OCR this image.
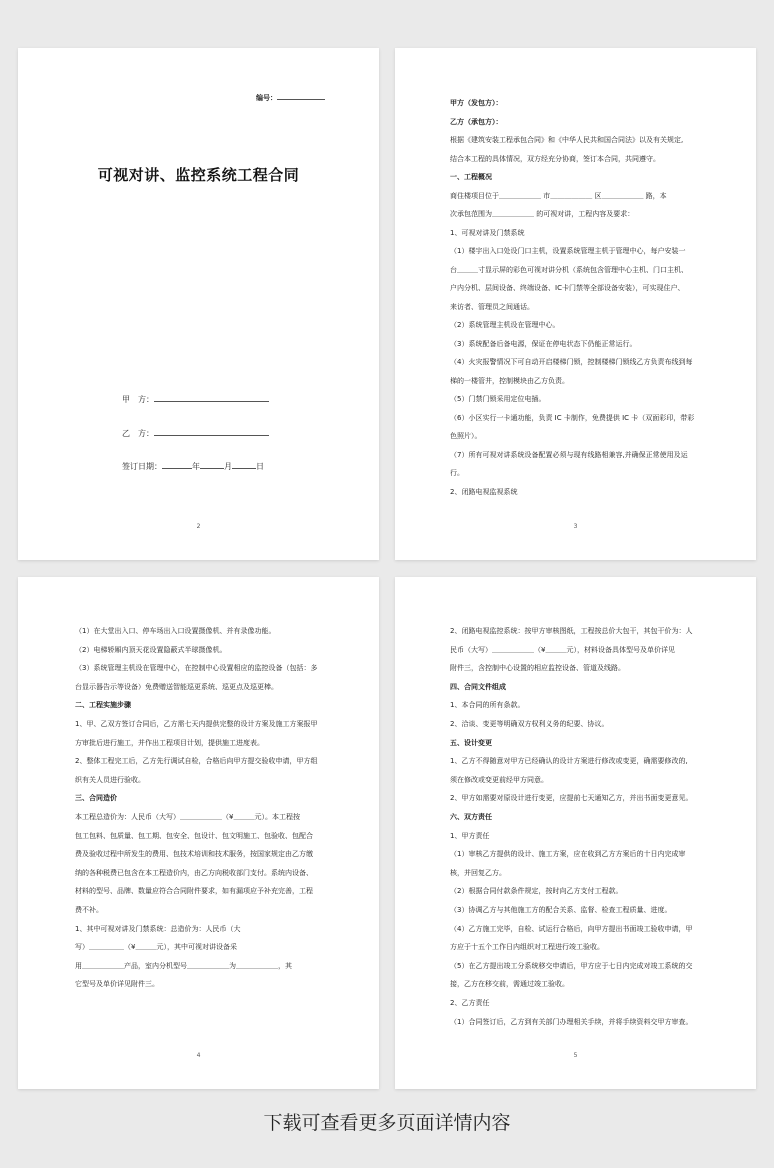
编号：
可视对讲、监控系统工程合同
甲　方：
乙　方：
签订日期：	年	月	日
2
甲方（发包方）：
乙方（承包方）：
根据《建筑安装工程承包合同》和《中华人民共和国合同法》以及有关规定,
结合本工程的具体情况，双方经充分协商，签订本合同，共同遵守。
一、工程概况
商住楼项目位于＿＿＿＿＿＿ 市＿＿＿＿＿＿ 区＿＿＿＿＿＿ 路，本
次承包范围为＿＿＿＿＿＿ 的可视对讲，工程内容及要求：
1、可视对讲及门禁系统
（1）楼宇出入口处设门口主机，设置系统管理主机于管理中心，每户安装一
台＿＿＿寸显示屏的彩色可视对讲分机（系统包含管理中心主机、门口主机、
户内分机、层间设备、终端设备、IC卡门禁等全部设备安装），可实现住户、
来访者、管理员之间通话。
（2）系统管理主机设在管理中心。
（3）系统配备后备电源，保证在停电状态下仍能正常运行。
（4）火灾报警情况下可自动开启楼梯门锁，控制楼梯门锁线乙方负责布线到每
梯的一楼管井，控制模块由乙方负责。
（5）门禁门锁采用定位电插。
（6）小区实行一卡通功能，负责 IC 卡制作，免费提供 IC 卡（双面彩印，带彩
色照片）。
（7）所有可视对讲系统设备配置必须与现有线路相兼容,并确保正常使用及运
行。
2、闭路电视监视系统
3
（1）在大堂出入口、停车场出入口设置摄像机、并有录像功能。
（2）电梯轿厢内顶天花设置隐蔽式半球摄像机。
（3）系统管理主机设在管理中心，在控制中心设置相应的监控设备（包括：多
台显示器告示等设备）免费赠送智能巡更系统、巡更点及巡更棒。
二、工程实施步骤
1、甲、乙双方签订合同后，乙方需七天内提供完整的设计方案及施工方案报甲
方审批后进行施工，并作出工程项目计划，提供施工进度表。
2、整体工程完工后，乙方先行调试自检，合格后向甲方提交验收申请，甲方组
织有关人员进行验收。
三、合同造价
本工程总造价为：人民币（大写）＿＿＿＿＿＿（¥＿＿＿元）。本工程按
包工包料、包质量、包工期、包安全、包设计、包文明施工、包验收、包配合
费及验收过程中所发生的费用、包技术培训和技术服务，按国家规定由乙方缴
纳的各种税费已包含在本工程造价内，由乙方向税收部门支付。系统内设备、
材料的型号、品牌、数量应符合合同附件要求，如有漏项应予补充完善，工程
费不补。
1、其中可视对讲及门禁系统：总造价为：人民币（大
写）＿＿＿＿＿（¥＿＿＿元），其中可视对讲设备采
用＿＿＿＿＿＿产品，室内分机型号＿＿＿＿＿＿为＿＿＿＿＿＿，其
它型号及单价详见附件三。
4
2、闭路电视监控系统：按甲方审核图纸，工程按总价大包干，其包干价为：人
民币（大写）＿＿＿＿＿＿（¥＿＿＿元），材料设备具体型号及单价详见
附件三，含控制中心设置的相应监控设备、管道及线路。
四、合同文件组成
1、本合同的所有条款。
2、洽谈、变更等明确双方权利义务的纪要、协议。
五、设计变更
1、乙方不得随意对甲方已经确认的设计方案进行修改或变更，确需要修改的,
须在修改或变更前经甲方同意。
2、甲方如需要对原设计进行变更，应提前七天通知乙方，并出书面变更意见。
六、双方责任
1、甲方责任
（1）审核乙方提供的设计、施工方案，应在收到乙方方案后的十日内完成审
核，并回复乙方。
（2）根据合同付款条件规定，按时向乙方支付工程款。
（3）协调乙方与其他施工方的配合关系、监督、检查工程质量、进度。
（4）乙方施工完毕，自检、试运行合格后，向甲方提出书面竣工验收申请，甲
方应于十五个工作日内组织对工程进行竣工验收。
（5）在乙方提出竣工分系统移交申请后，甲方应于七日内完成对竣工系统的交
接，乙方在移交前，需通过竣工验收。
2、乙方责任
（1）合同签订后，乙方到有关部门办理相关手续，并将手续资料交甲方审查。
5
下载可查看更多页面详情内容
